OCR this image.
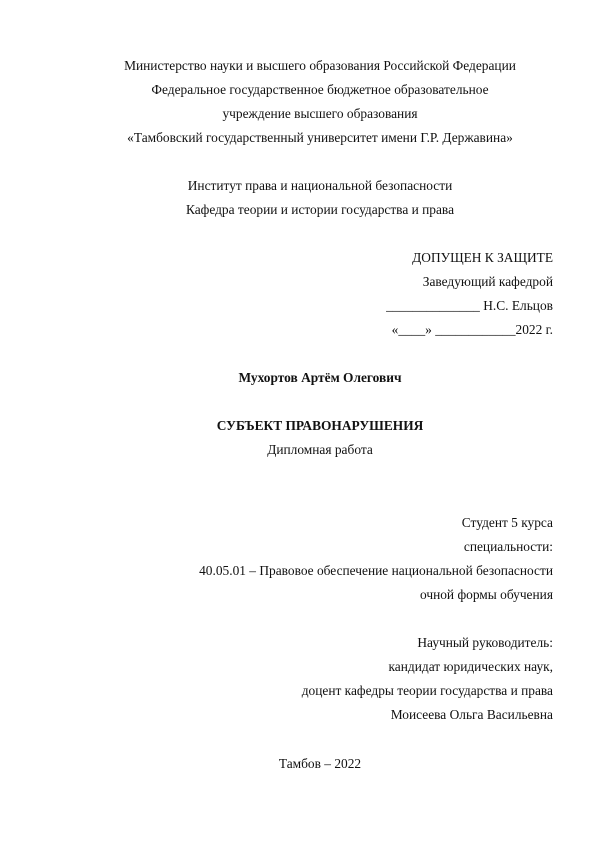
Министерство науки и высшего образования Российской Федерации
Федеральное государственное бюджетное образовательное
учреждение высшего образования
«Тамбовский государственный университет имени Г.Р. Державина»
Институт права и национальной безопасности
Кафедра теории и истории государства и права
ДОПУЩЕН К ЗАЩИТЕ
Заведующий кафедрой
______________ Н.С. Ельцов
«____» ____________2022 г.
Мухортов Артём Олегович
СУБЪЕКТ ПРАВОНАРУШЕНИЯ
Дипломная работа
Студент 5 курса
специальности:
40.05.01 – Правовое обеспечение национальной безопасности
очной формы обучения
Научный руководитель:
кандидат юридических наук,
доцент кафедры теории государства и права
Моисеева Ольга Васильевна
Тамбов – 2022
